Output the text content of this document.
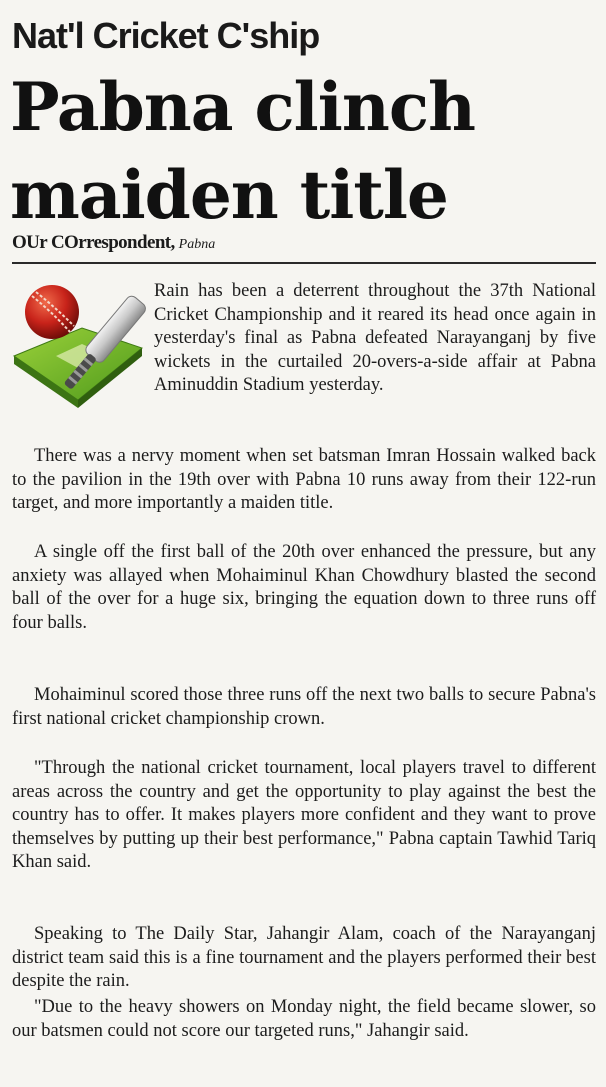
Nat'l Cricket C'ship
Pabna clinch maiden title

OUr COrrespondent, Pabna

Rain has been a deterrent throughout the 37th National Cricket Championship and it reared its head once again in yesterday's final as Pabna defeated Narayanganj by five wickets in the curtailed 20-overs-a-side affair at Pabna Aminuddin Stadium yesterday.

There was a nervy moment when set batsman Imran Hossain walked back to the pavilion in the 19th over with Pabna 10 runs away from their 122-run target, and more importantly a maiden title.

A single off the first ball of the 20th over enhanced the pressure, but any anxiety was allayed when Mohaiminul Khan Chowdhury blasted the second ball of the over for a huge six, bringing the equation down to three runs off four balls.

Mohaiminul scored those three runs off the next two balls to secure Pabna's first national cricket championship crown.

"Through the national cricket tournament, local players travel to different areas across the country and get the opportunity to play against the best the country has to offer. It makes players more confident and they want to prove themselves by putting up their best performance," Pabna captain Tawhid Tariq Khan said.

Speaking to The Daily Star, Jahangir Alam, coach of the Narayanganj district team said this is a fine tournament and the players performed their best despite the rain.

"Due to the heavy showers on Monday night, the field became slower, so our batsmen could not score our targeted runs," Jahangir said.
